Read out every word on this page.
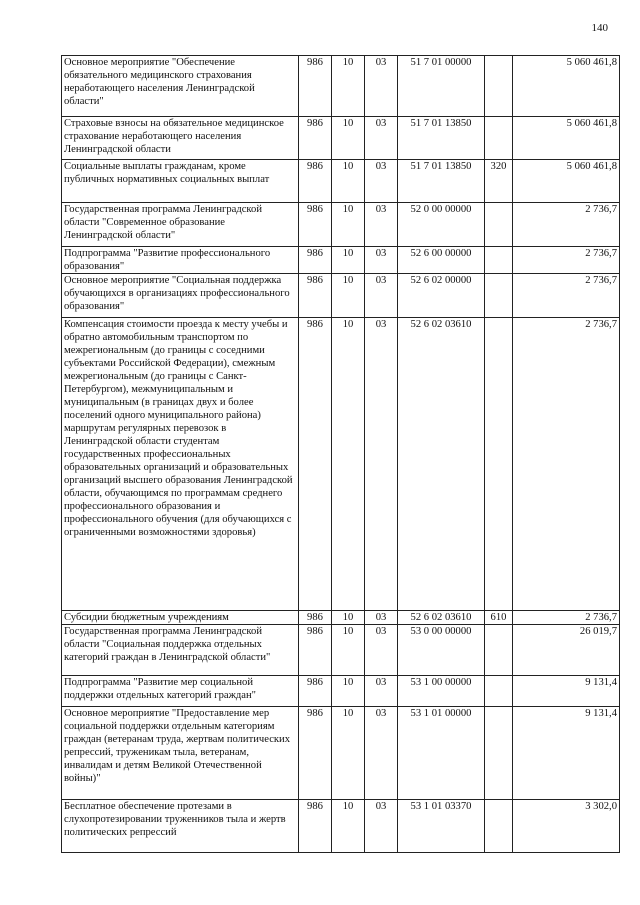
140
Основное мероприятие "Обеспечение обязательного медицинского страхования неработающего населения Ленинградской области"	986	10	03	51 7 01 00000		5 060 461,8
Страховые взносы на обязательное медицинское страхование неработающего населения Ленинградской области	986	10	03	51 7 01 13850		5 060 461,8
Социальные выплаты гражданам, кроме публичных нормативных социальных выплат	986	10	03	51 7 01 13850	320	5 060 461,8
Государственная программа Ленинградской области "Современное образование Ленинградской области"	986	10	03	52 0 00 00000		2 736,7
Подпрограмма "Развитие профессионального образования"	986	10	03	52 6 00 00000		2 736,7
Основное мероприятие "Социальная поддержка обучающихся в организациях профессионального образования"	986	10	03	52 6 02 00000		2 736,7
Компенсация стоимости проезда к месту учебы и обратно автомобильным транспортом по межрегиональным (до границы с соседними субъектами Российской Федерации), смежным межрегиональным (до границы с Санкт-Петербургом), межмуниципальным и муниципальным (в границах двух и более поселений одного муниципального района) маршрутам регулярных перевозок в Ленинградской области студентам государственных профессиональных образовательных организаций и образовательных организаций высшего образования Ленинградской области, обучающимся по программам среднего профессионального образования и профессионального обучения (для обучающихся с ограниченными возможностями здоровья)	986	10	03	52 6 02 03610		2 736,7
Субсидии бюджетным учреждениям	986	10	03	52 6 02 03610	610	2 736,7
Государственная программа Ленинградской области "Социальная поддержка отдельных категорий граждан в Ленинградской области"	986	10	03	53 0 00 00000		26 019,7
Подпрограмма "Развитие мер социальной поддержки отдельных категорий граждан"	986	10	03	53 1 00 00000		9 131,4
Основное мероприятие "Предоставление мер социальной поддержки отдельным категориям граждан (ветеранам труда, жертвам политических репрессий, труженикам тыла, ветеранам, инвалидам и детям Великой Отечественной войны)"	986	10	03	53 1 01 00000		9 131,4
Бесплатное обеспечение протезами в слухопротезировании труженников тыла и жертв политических репрессий	986	10	03	53 1 01 03370		3 302,0
